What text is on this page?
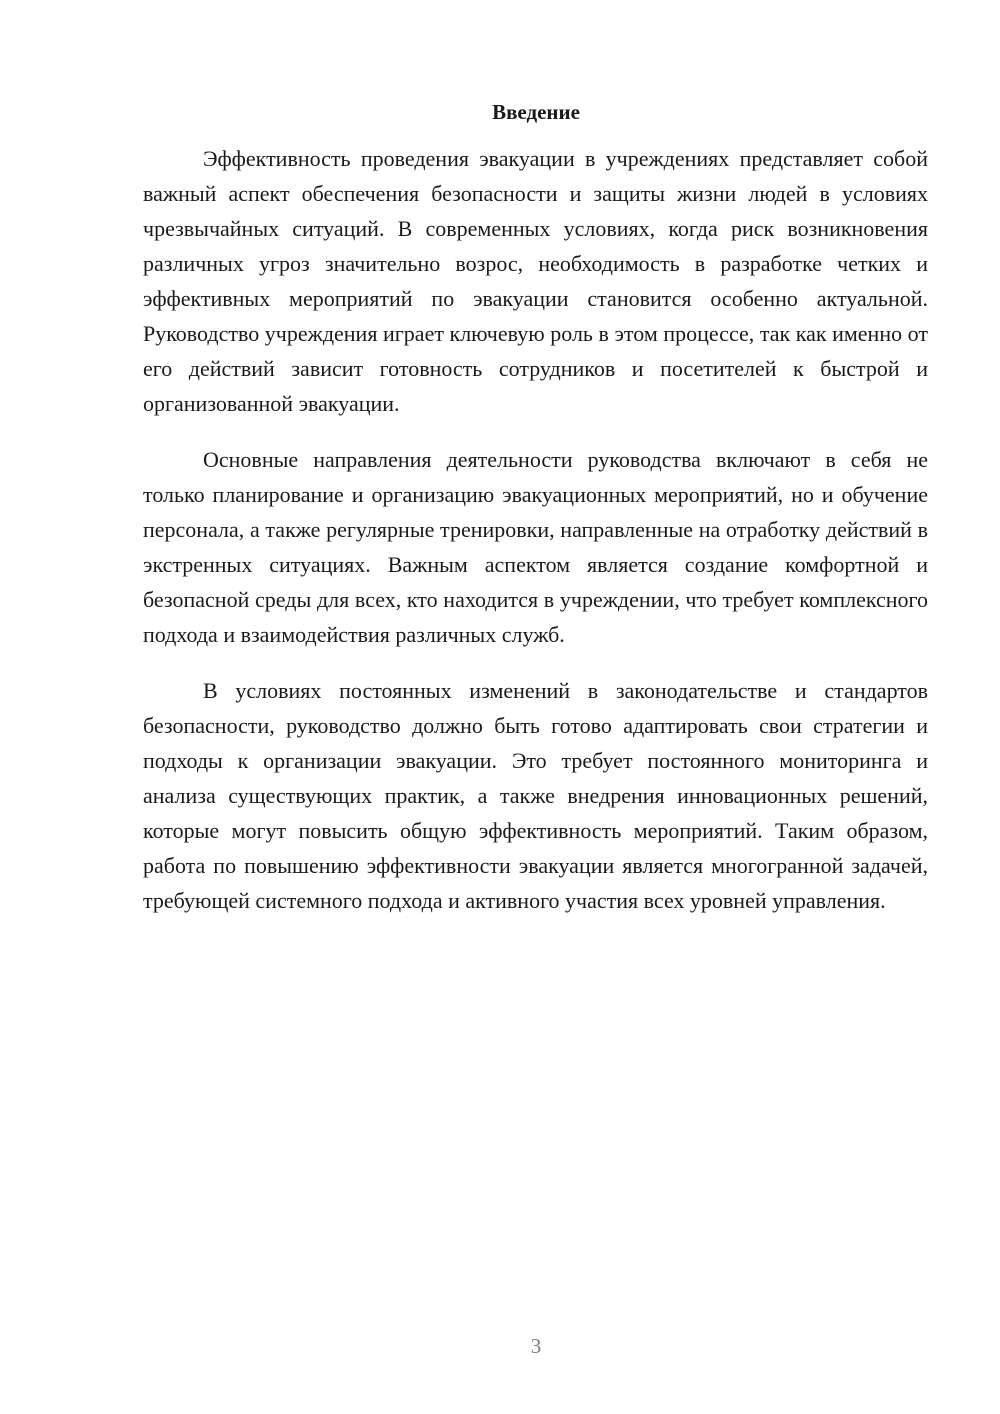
Введение

Эффективность проведения эвакуации в учреждениях представляет собой важный аспект обеспечения безопасности и защиты жизни людей в условиях чрезвычайных ситуаций. В современных условиях, когда риск возникновения различных угроз значительно возрос, необходимость в разработке четких и эффективных мероприятий по эвакуации становится особенно актуальной. Руководство учреждения играет ключевую роль в этом процессе, так как именно от его действий зависит готовность сотрудников и посетителей к быстрой и организованной эвакуации.

Основные направления деятельности руководства включают в себя не только планирование и организацию эвакуационных мероприятий, но и обучение персонала, а также регулярные тренировки, направленные на отработку действий в экстренных ситуациях. Важным аспектом является создание комфортной и безопасной среды для всех, кто находится в учреждении, что требует комплексного подхода и взаимодействия различных служб.

В условиях постоянных изменений в законодательстве и стандартов безопасности, руководство должно быть готово адаптировать свои стратегии и подходы к организации эвакуации. Это требует постоянного мониторинга и анализа существующих практик, а также внедрения инновационных решений, которые могут повысить общую эффективность мероприятий. Таким образом, работа по повышению эффективности эвакуации является многогранной задачей, требующей системного подхода и активного участия всех уровней управления.

3
